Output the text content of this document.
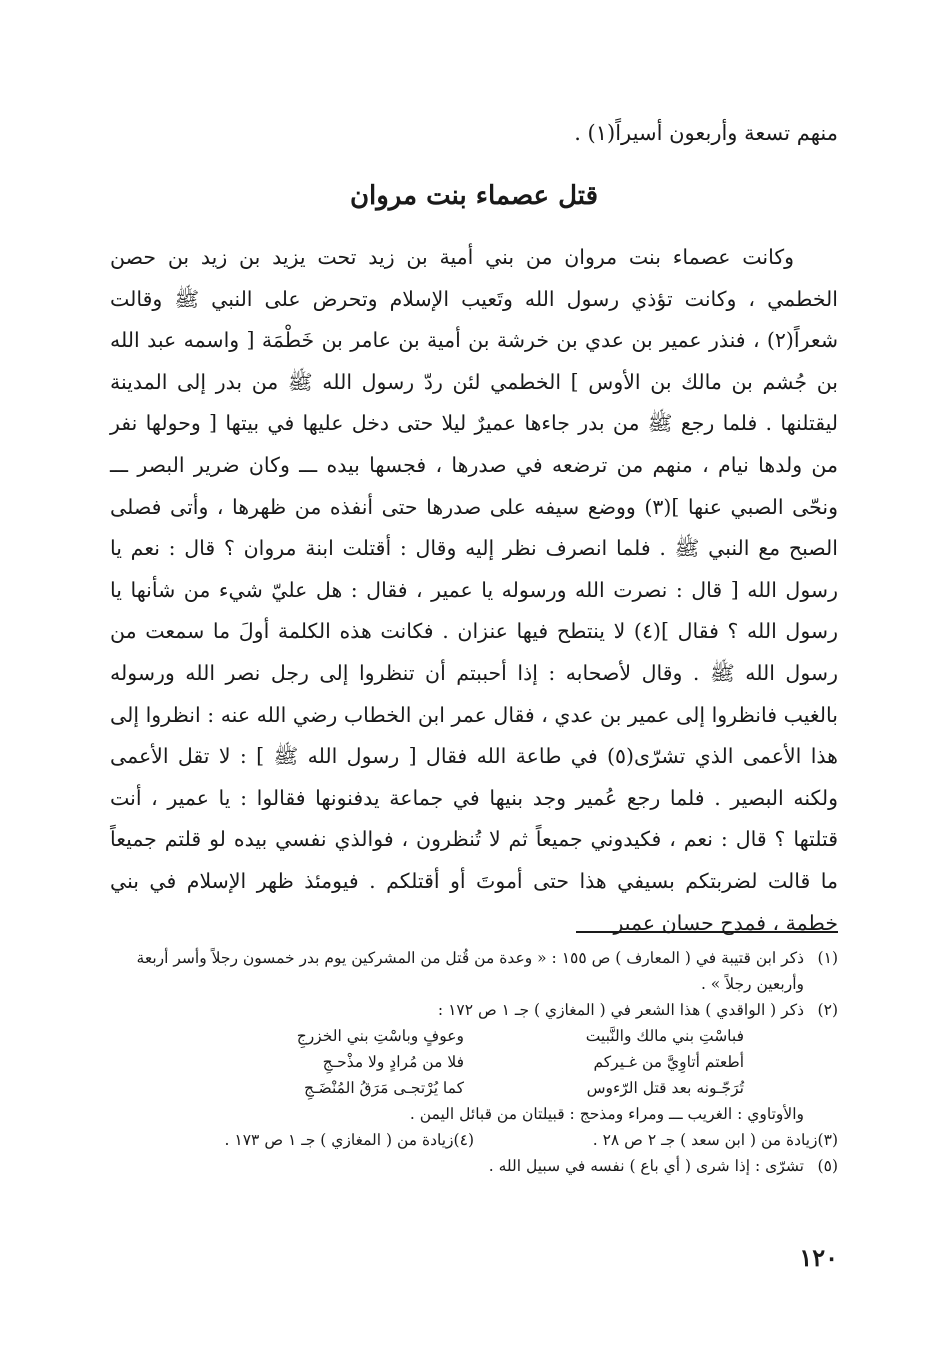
منهم تسعة وأربعون أسيراً(١) .
قتل عصماء بنت مروان

وكانت عصماء بنت مروان من بني أمية بن زيد تحت يزيد بن زيد بن حصن الخطمي ، وكانت تؤذي رسول الله وتَعيب الإسلام وتحرض على النبي ﷺ وقالت شعراً(٢) ، فنذر عمير بن عدي بن خرشة بن أمية بن عامر بن خَطْمَة [ واسمه عبد الله بن جُشم بن مالك بن الأوس ] الخطمي لئن ردّ رسول الله ﷺ من بدر إلى المدينة ليقتلنها . فلما رجع ﷺ من بدر جاءها عميرٌ ليلا حتى دخل عليها في بيتها [ وحولها نفر من ولدها نيام ، منهم من ترضعه في صدرها ، فجسها بيده ـــ وكان ضرير البصر ـــ ونحّى الصبي عنها ](٣) ووضع سيفه على صدرها حتى أنفذه من ظهرها ، وأتى فصلى الصبح مع النبي ﷺ . فلما انصرف نظر إليه وقال : أقتلت ابنة مروان ؟ قال : نعم يا رسول الله [ قال : نصرت الله ورسوله يا عمير ، فقال : هل عليّ شيء من شأنها يا رسول الله ؟ فقال ](٤) لا ينتطح فيها عنزان . فكانت هذه الكلمة أولَ ما سمعت من رسول الله ﷺ . وقال لأصحابه : إذا أحببتم أن تنظروا إلى رجل نصر الله ورسوله بالغيب فانظروا إلى عمير بن عدي ، فقال عمر ابن الخطاب رضي الله عنه : انظروا إلى هذا الأعمى الذي تشرّى(٥) في طاعة الله فقال [ رسول الله ﷺ ] : لا تقل الأعمى ولكنه البصير . فلما رجع عُمير وجد بنيها في جماعة يدفنونها فقالوا : يا عمير ، أنت قتلتها ؟ قال : نعم ، فكيدوني جميعاً ثم لا تُنظرون ، فوالذي نفسي بيده لو قلتم جميعاً ما قالت لضربتكم بسيفي هذا حتى أموتَ أو أقتلكم . فيومئذ ظهر الإسلام في بني خطمة ، فمدح حسان عمير

(١)
ذكر ابن قتيبة في ( المعارف ) ص ١٥٥ : « وعدة من قُتل من المشركين يوم بدر خمسون رجلاً وأسر أربعة وأربعين رجلاً » .
(٢)
ذكر ( الواقدي ) هذا الشعر في ( المغازي ) جـ ١ ص ١٧٢ :
فباسْتِ بني مالك والنَّبيت
وعوفٍ وباسْتِ بني الخزرجِ
أطعتم أتاوِيَّ من غـيركم
فلا من مُرادٍ ولا مذْحـجِ
تُرَجّـونه بعد قتل الرّءوس
كما يُرْتجـى مَرَقُ المُنْضَـجِ
والأوتاوي : الغريب ـــ ومراء ومذحج : قبيلتان من قبائل اليمن .
(٣)
زيادة من ( ابن سعد ) جـ ٢ ص ٢٨ .
(٤)
زيادة من ( المغازي ) جـ ١ ص ١٧٣ .
(٥)
تشرّى : إذا شرى ( أي باع ) نفسه في سبيل الله .
١٢٠
